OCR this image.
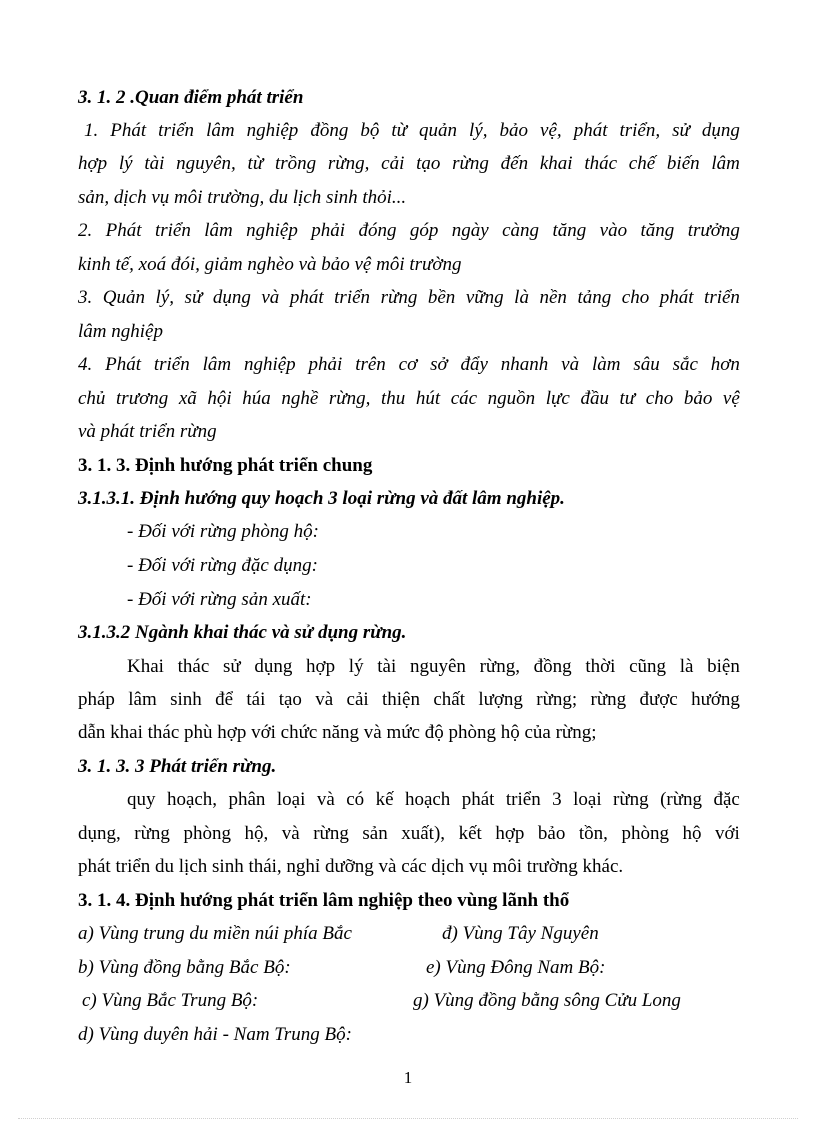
3. 1. 2 .Quan điểm phát triển
1. Phát triển lâm nghiệp đồng bộ từ quản lý, bảo vệ, phát triển, sử dụng
hợp lý tài nguyên, từ trồng rừng, cải tạo rừng đến khai thác chế biến lâm
sản, dịch vụ môi trường, du lịch sinh thỏi...
2. Phát triển lâm nghiệp phải đóng góp ngày càng tăng vào tăng trưởng
kinh tế, xoá đói, giảm nghèo và bảo vệ môi trường
3. Quản lý, sử dụng và phát triển rừng bền vững là nền tảng cho phát triển
lâm nghiệp
4. Phát triển lâm nghiệp phải trên cơ sở đẩy nhanh và làm sâu sắc hơn
chủ trương xã hội húa nghề rừng, thu hút các nguồn lực đầu tư cho bảo vệ
và phát triển rừng
3. 1. 3. Định hướng phát triển chung
3.1.3.1. Định hướng quy hoạch 3 loại rừng và đất lâm nghiệp.
- Đối với rừng phòng hộ:
- Đối với rừng đặc dụng:
- Đối với rừng sản xuất:
3.1.3.2 Ngành khai thác và sử dụng rừng.
Khai thác sử dụng hợp lý tài nguyên rừng, đồng thời cũng là biện
pháp lâm sinh để tái tạo và cải thiện chất lượng rừng; rừng được hướng
dẫn khai thác phù hợp với chức năng và mức độ phòng hộ của rừng;
3. 1. 3. 3 Phát triển rừng.
quy hoạch, phân loại và có kế hoạch phát triển 3 loại rừng (rừng đặc
dụng, rừng phòng hộ, và rừng sản xuất), kết hợp bảo tồn, phòng hộ với
phát triển du lịch sinh thái, nghỉ dưỡng và các dịch vụ môi trường khác.
3. 1. 4. Định hướng phát triển lâm nghiệp theo vùng lãnh thổ
a) Vùng trung du miền núi phía Bắc	đ) Vùng Tây Nguyên
b) Vùng đồng bằng Bắc Bộ:	e) Vùng Đông Nam Bộ:
c) Vùng Bắc Trung Bộ:	g) Vùng đồng bằng sông Cửu Long
d) Vùng duyên hải - Nam Trung Bộ:
1
